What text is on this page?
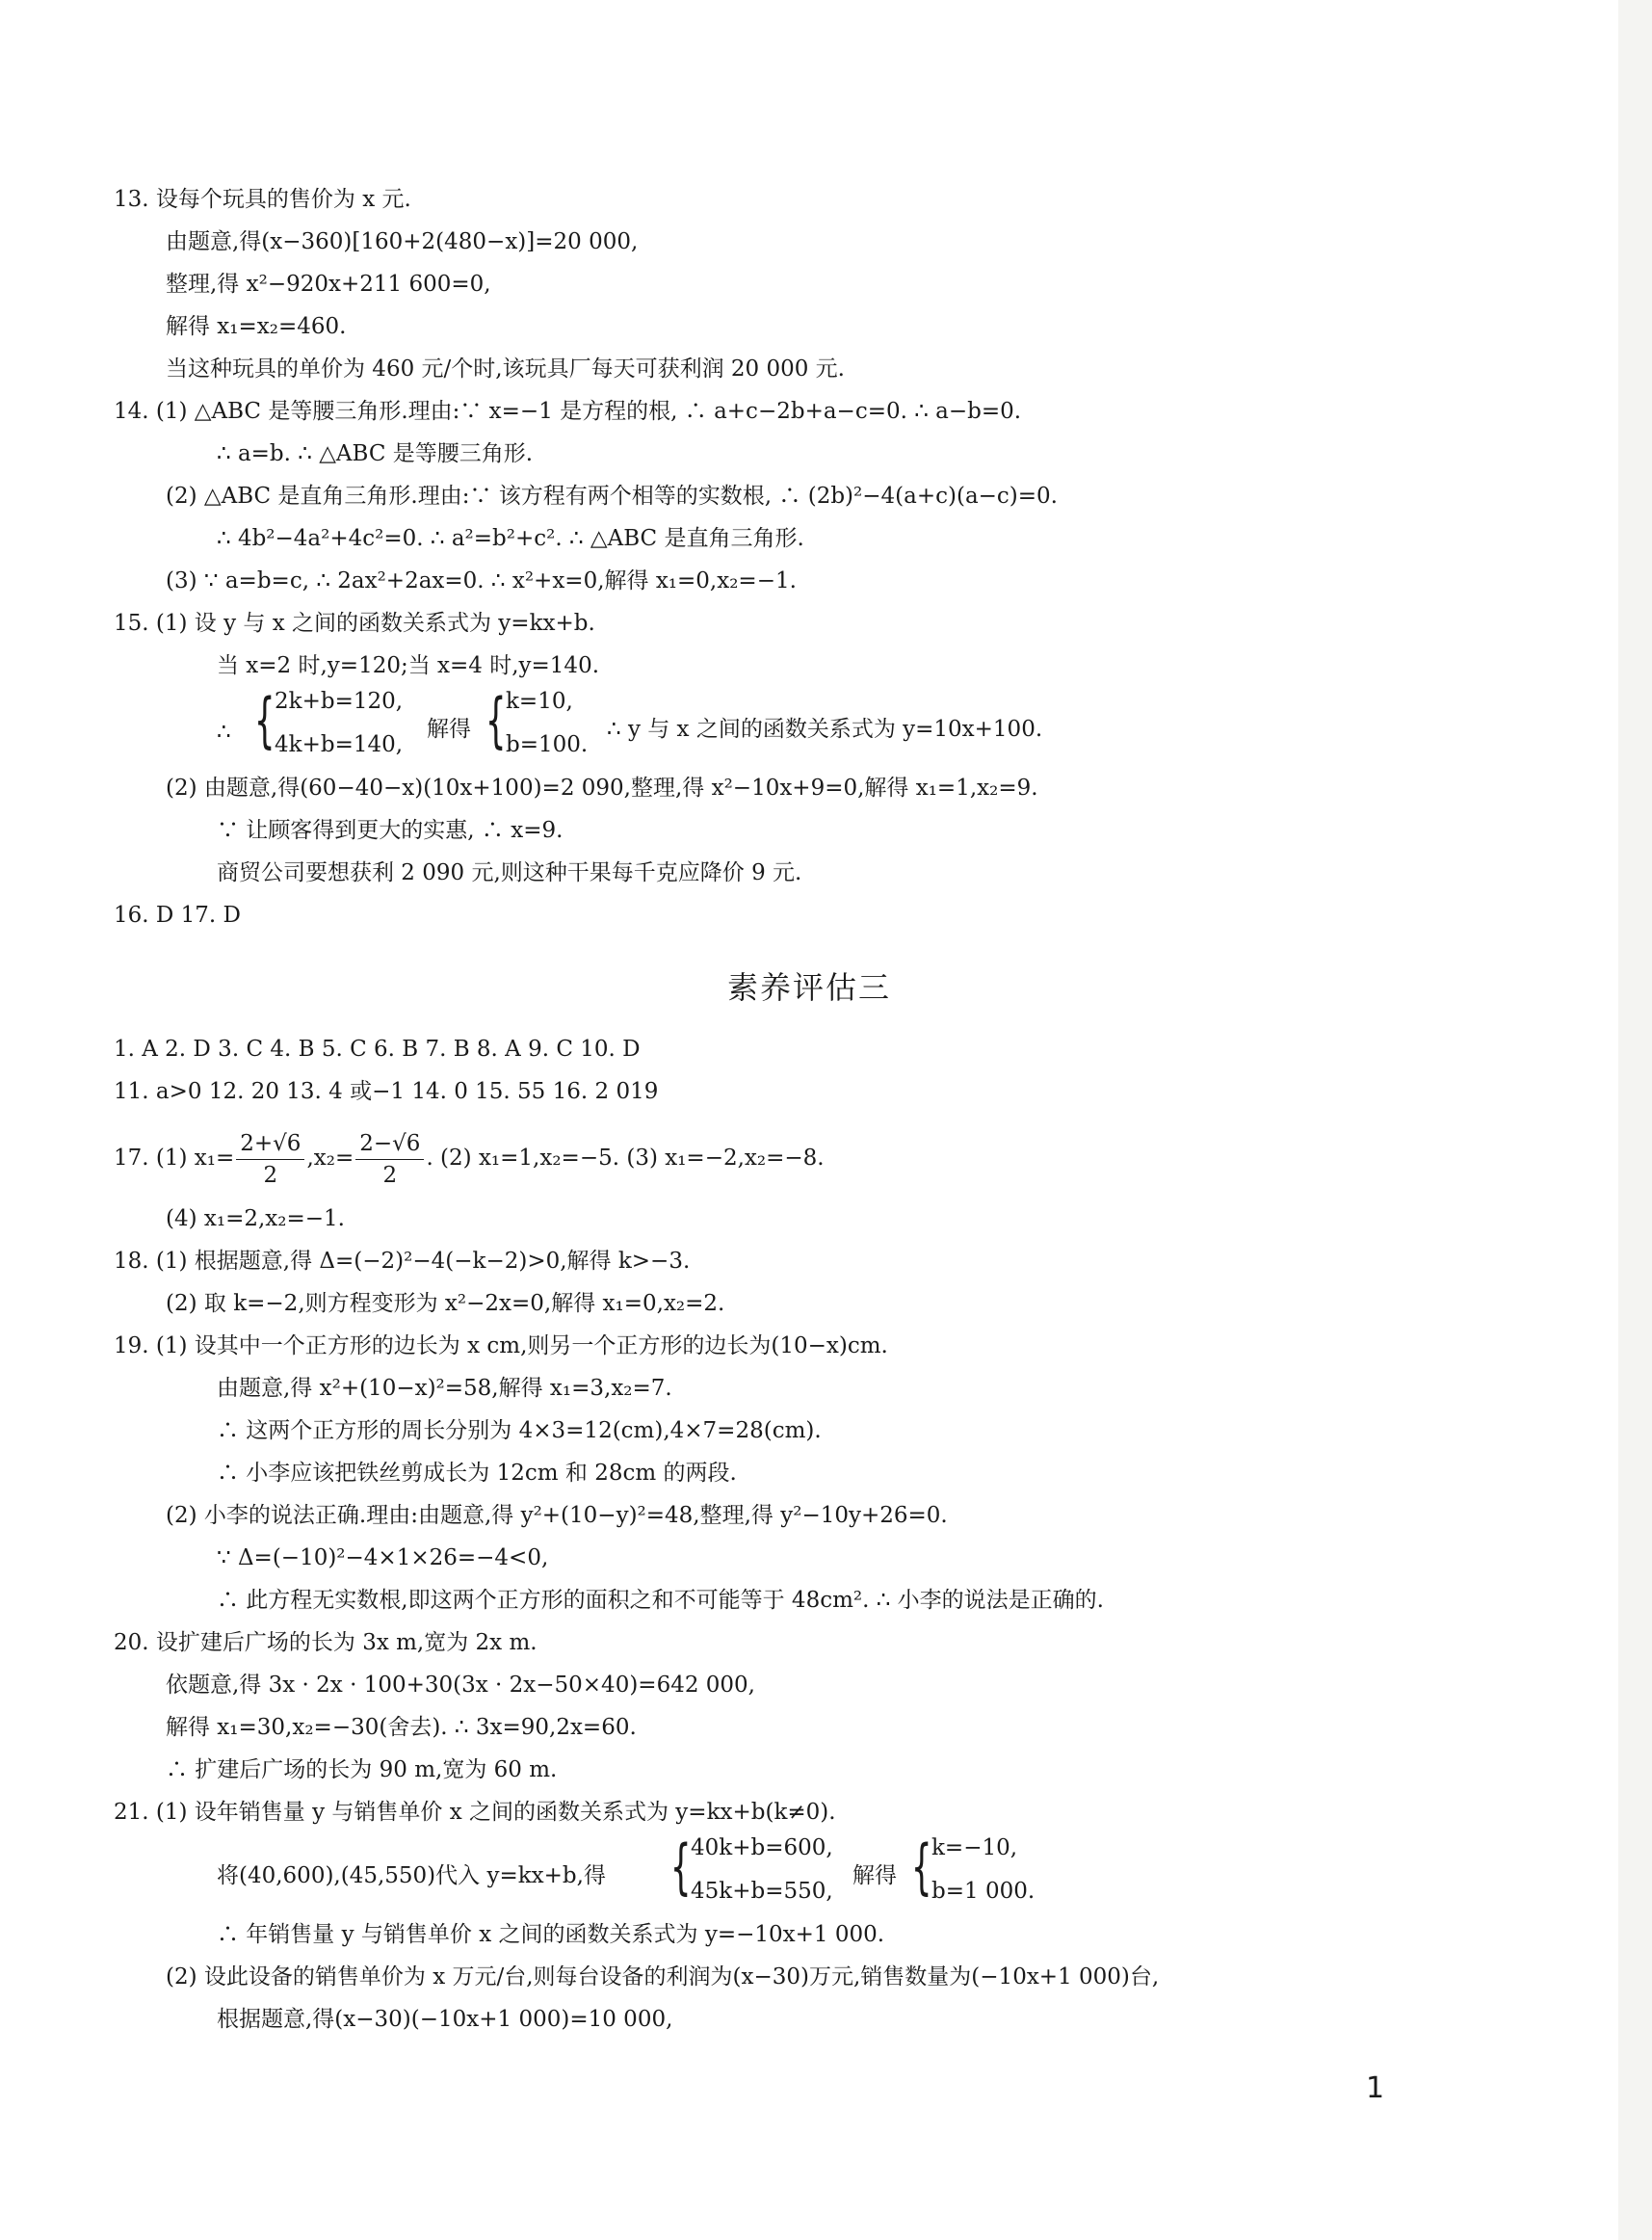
13. 设每个玩具的售价为 x 元.
由题意,得(x−360)[160+2(480−x)]=20 000,
整理,得 x²−920x+211 600=0,
解得 x₁=x₂=460.
当这种玩具的单价为 460 元/个时,该玩具厂每天可获利润 20 000 元.
14. (1) △ABC 是等腰三角形.理由:∵ x=−1 是方程的根, ∴ a+c−2b+a−c=0. ∴ a−b=0.
∴ a=b. ∴ △ABC 是等腰三角形.
(2) △ABC 是直角三角形.理由:∵ 该方程有两个相等的实数根, ∴ (2b)²−4(a+c)(a−c)=0.
∴ 4b²−4a²+4c²=0. ∴ a²=b²+c². ∴ △ABC 是直角三角形.
(3) ∵ a=b=c, ∴ 2ax²+2ax=0. ∴ x²+x=0,解得 x₁=0,x₂=−1.
15. (1) 设 y 与 x 之间的函数关系式为 y=kx+b.
当 x=2 时,y=120;当 x=4 时,y=140.
∴ { 2k+b=120,
4k+b=140,
解得 { k=10,
b=100.
∴ y 与 x 之间的函数关系式为 y=10x+100.
(2) 由题意,得(60−40−x)(10x+100)=2 090,整理,得 x²−10x+9=0,解得 x₁=1,x₂=9.
∵ 让顾客得到更大的实惠, ∴ x=9.
商贸公司要想获利 2 090 元,则这种干果每千克应降价 9 元.
16. D 17. D
素养评估三
1. A 2. D 3. C 4. B 5. C 6. B 7. B 8. A 9. C 10. D
11. a>0 12. 20 13. 4 或−1 14. 0 15. 55 16. 2 019
17. (1) $x_1= \frac{2+√6}{2} ,x_2= \frac{2-√6}{2}$ . (2) x₁=1,x₂=−5. (3) x₁=−2,x₂=−8.
(4) x₁=2,x₂=−1.
18. (1) 根据题意,得 Δ=(−2)²−4(−k−2)>0,解得 k>−3.
(2) 取 k=−2,则方程变形为 x²−2x=0,解得 x₁=0,x₂=2.
19. (1) 设其中一个正方形的边长为 x cm,则另一个正方形的边长为(10−x)cm.
由题意,得 x²+(10−x)²=58,解得 x₁=3,x₂=7.
∴ 这两个正方形的周长分别为 4×3=12(cm),4×7=28(cm).
∴ 小李应该把铁丝剪成长为 12cm 和 28cm 的两段.
(2) 小李的说法正确.理由:由题意,得 y²+(10−y)²=48,整理,得 y²−10y+26=0.
∵ Δ=(−10)²−4×1×26=−4<0,
∴ 此方程无实数根,即这两个正方形的面积之和不可能等于 48cm². ∴ 小李的说法是正确的.
20. 设扩建后广场的长为 3x m,宽为 2x m.
依题意,得 3x · 2x · 100+30(3x · 2x−50×40)=642 000,
解得 x₁=30,x₂=−30(舍去). ∴ 3x=90,2x=60.
∴ 扩建后广场的长为 90 m,宽为 60 m.
21. (1) 设年销售量 y 与销售单价 x 之间的函数关系式为 y=kx+b(k≠0).
将(40,600),(45,550)代入 y=kx+b,得 { 40k+b=600,
45k+b=550,
解得 { k=−10,
b=1 000.
∴ 年销售量 y 与销售单价 x 之间的函数关系式为 y=−10x+1 000.
(2) 设此设备的销售单价为 x 万元/台,则每台设备的利润为(x−30)万元,销售数量为(−10x+1 000)台,
根据题意,得(x−30)(−10x+1 000)=10 000,
1
